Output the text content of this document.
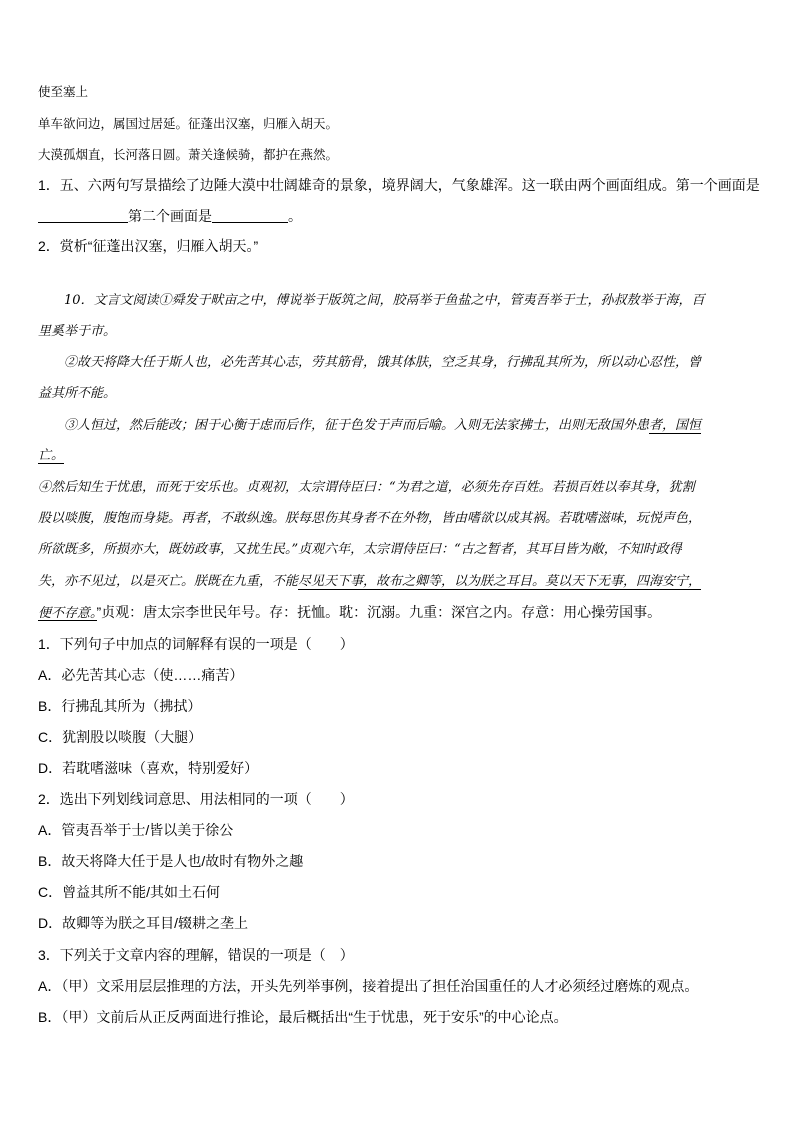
使至塞上
单车欲问边，属国过居延。征蓬出汉塞，归雁入胡天。
大漠孤烟直，长河落日圆。萧关逢候骑，都护在燕然。
1．五、六两句写景描绘了边陲大漠中壮阔雄奇的景象，境界阔大，气象雄浑。这一联由两个画面组成。第一个画面是
第二个画面是	。
2．赏析“征蓬出汉塞，归雁入胡天。”
10．文言文阅读①舜发于畎亩之中，傅说举于版筑之间，胶鬲举于鱼盐之中，管夷吾举于士，孙叔敖举于海，百
里奚举于市。
②故天将降大任于斯人也，必先苦其心志，劳其筋骨，饿其体肤，空乏其身，行拂乱其所为，所以动心忍性，曾
益其所不能。
③人恒过，然后能改；困于心衡于虑而后作，征于色发于声而后喻。入则无法家拂士，出则无敌国外患者，国恒
亡。
④然后知生于忧患，而死于安乐也。贞观初，太宗谓侍臣曰：“为君之道，必须先存百姓。若损百姓以奉其身，犹割
股以啖腹，腹饱而身毙。再者，不敢纵逸。朕每思伤其身者不在外物，皆由嗜欲以成其祸。若耽嗜滋味，玩悦声色，
所欲既多，所损亦大，既妨政事，又扰生民。”贞观六年，太宗谓侍臣曰：“古之暂者，其耳目皆为敞，不知时政得
失，亦不见过，以是灭亡。朕既在九重，不能尽见天下事，故布之卿等，以为朕之耳目。莫以天下无事，四海安宁，
便不存意。”贞观：唐太宗李世民年号。存：抚恤。耽：沉溺。九重：深宫之内。存意：用心操劳国事。
1．下列句子中加点的词解释有误的一项是（　　）
A．必先苦其心志（使……痛苦）
B．行拂乱其所为（拂拭）
C．犹割股以啖腹（大腿）
D．若耽嗜滋味（喜欢，特别爱好）
2．选出下列划线词意思、用法相同的一项（　　）
A．管夷吾举于士/皆以美于徐公
B．故天将降大任于是人也/故时有物外之趣
C．曾益其所不能/其如土石何
D．故卿等为朕之耳目/辍耕之垄上
3．下列关于文章内容的理解，错误的一项是（　）
A．（甲）文采用层层推理的方法，开头先列举事例，接着提出了担任治国重任的人才必须经过磨炼的观点。
B．（甲）文前后从正反两面进行推论，最后概括出“生于忧患，死于安乐”的中心论点。
